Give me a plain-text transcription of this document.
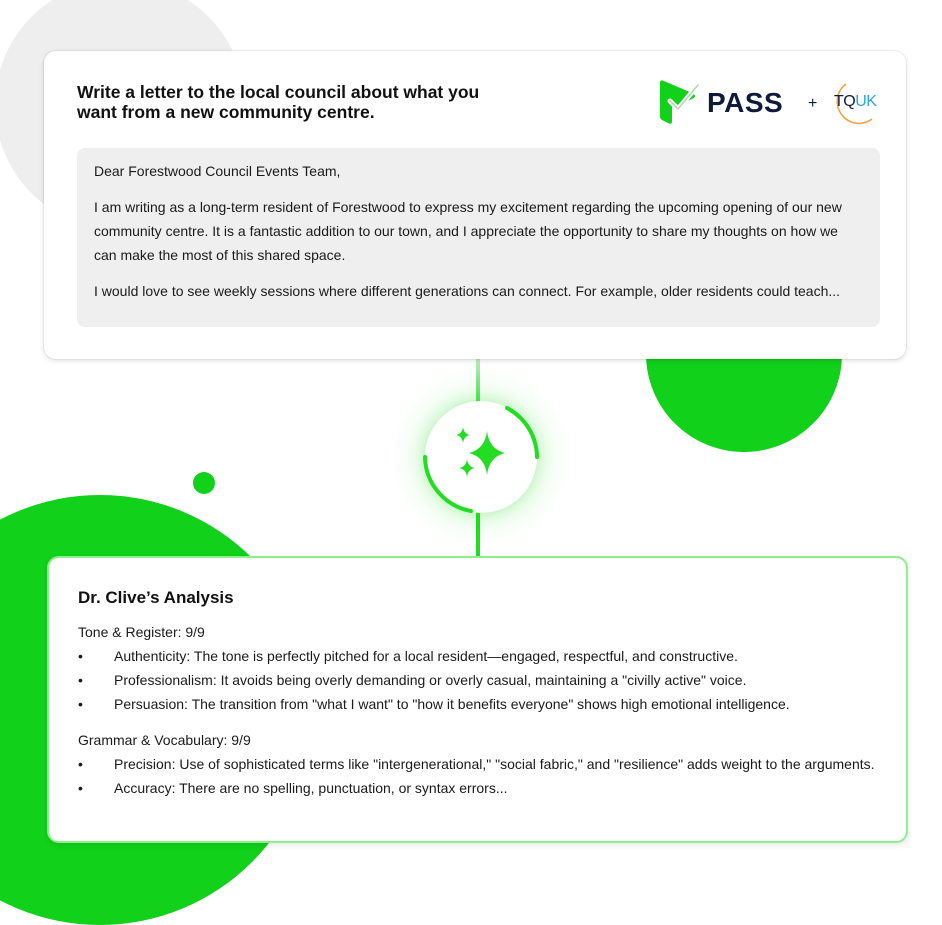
Write a letter to the local council about what you want from a new community centre.	PASS + TQUK

Dear Forestwood Council Events Team,

I am writing as a long-term resident of Forestwood to express my excitement regarding the upcoming opening of our new community centre. It is a fantastic addition to our town, and I appreciate the opportunity to share my thoughts on how we can make the most of this shared space.

I would love to see weekly sessions where different generations can connect. For example, older residents could teach...

Dr. Clive’s Analysis
Tone & Register: 9/9
• Authenticity: The tone is perfectly pitched for a local resident—engaged, respectful, and constructive.
• Professionalism: It avoids being overly demanding or overly casual, maintaining a "civilly active" voice.
• Persuasion: The transition from "what I want" to "how it benefits everyone" shows high emotional intelligence.
Grammar & Vocabulary: 9/9
• Precision: Use of sophisticated terms like "intergenerational," "social fabric," and "resilience" adds weight to the arguments.
• Accuracy: There are no spelling, punctuation, or syntax errors...
